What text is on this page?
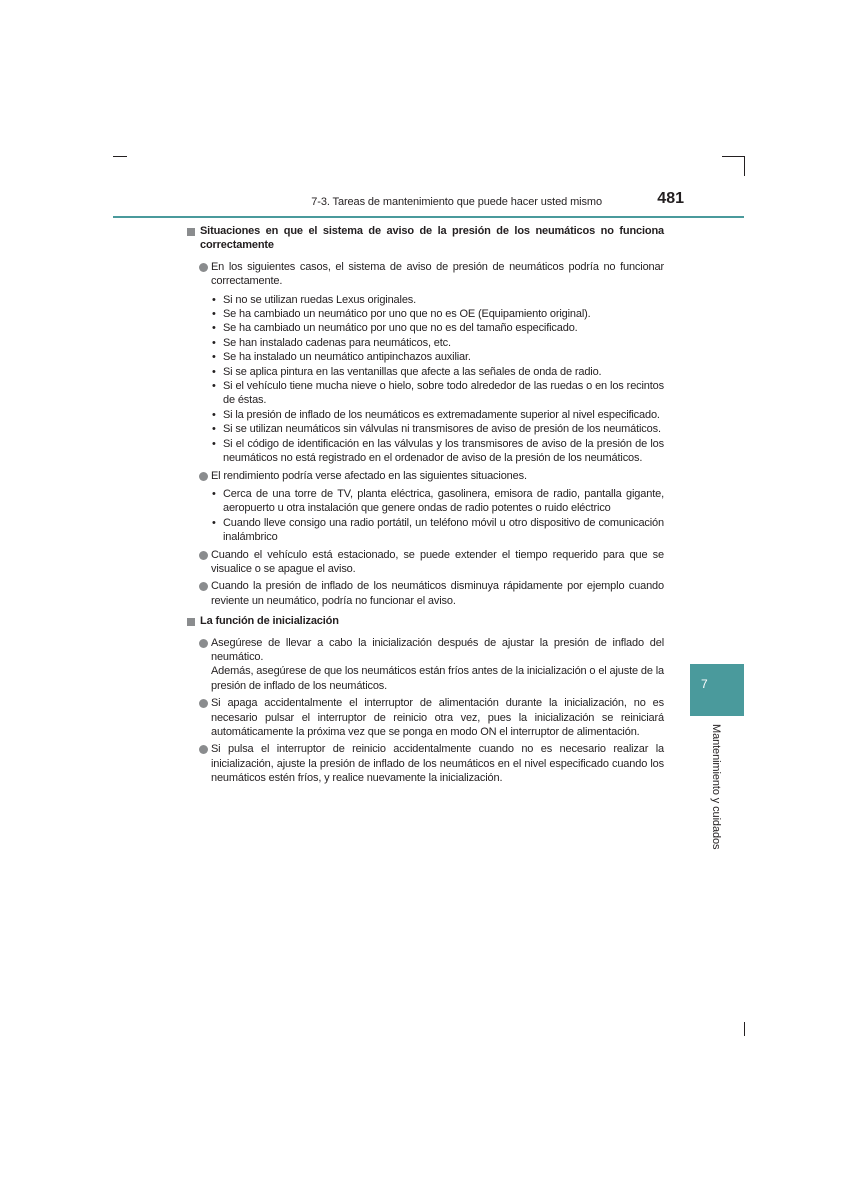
7-3. Tareas de mantenimiento que puede hacer usted mismo	481

Situaciones en que el sistema de aviso de la presión de los neumáticos no funciona correctamente

En los siguientes casos, el sistema de aviso de presión de neumáticos podría no funcionar correctamente.
• Si no se utilizan ruedas Lexus originales.
• Se ha cambiado un neumático por uno que no es OE (Equipamiento original).
• Se ha cambiado un neumático por uno que no es del tamaño especificado.
• Se han instalado cadenas para neumáticos, etc.
• Se ha instalado un neumático antipinchazos auxiliar.
• Si se aplica pintura en las ventanillas que afecte a las señales de onda de radio.
• Si el vehículo tiene mucha nieve o hielo, sobre todo alrededor de las ruedas o en los recintos de éstas.
• Si la presión de inflado de los neumáticos es extremadamente superior al nivel especificado.
• Si se utilizan neumáticos sin válvulas ni transmisores de aviso de presión de los neumáticos.
• Si el código de identificación en las válvulas y los transmisores de aviso de la presión de los neumáticos no está registrado en el ordenador de aviso de la presión de los neumáticos.
El rendimiento podría verse afectado en las siguientes situaciones.
• Cerca de una torre de TV, planta eléctrica, gasolinera, emisora de radio, pantalla gigante, aeropuerto u otra instalación que genere ondas de radio potentes o ruido eléctrico
• Cuando lleve consigo una radio portátil, un teléfono móvil u otro dispositivo de comunicación inalámbrico
Cuando el vehículo está estacionado, se puede extender el tiempo requerido para que se visualice o se apague el aviso.
Cuando la presión de inflado de los neumáticos disminuya rápidamente por ejemplo cuando reviente un neumático, podría no funcionar el aviso.

La función de inicialización

Asegúrese de llevar a cabo la inicialización después de ajustar la presión de inflado del neumático.

Además, asegúrese de que los neumáticos están fríos antes de la inicialización o el ajuste de la presión de inflado de los neumáticos.

Si apaga accidentalmente el interruptor de alimentación durante la inicialización, no es necesario pulsar el interruptor de reinicio otra vez, pues la inicialización se reiniciará automáticamente la próxima vez que se ponga en modo ON el interruptor de alimentación.
Si pulsa el interruptor de reinicio accidentalmente cuando no es necesario realizar la inicialización, ajuste la presión de inflado de los neumáticos en el nivel especificado cuando los neumáticos estén fríos, y realice nuevamente la inicialización.
7
Mantenimiento y cuidados
